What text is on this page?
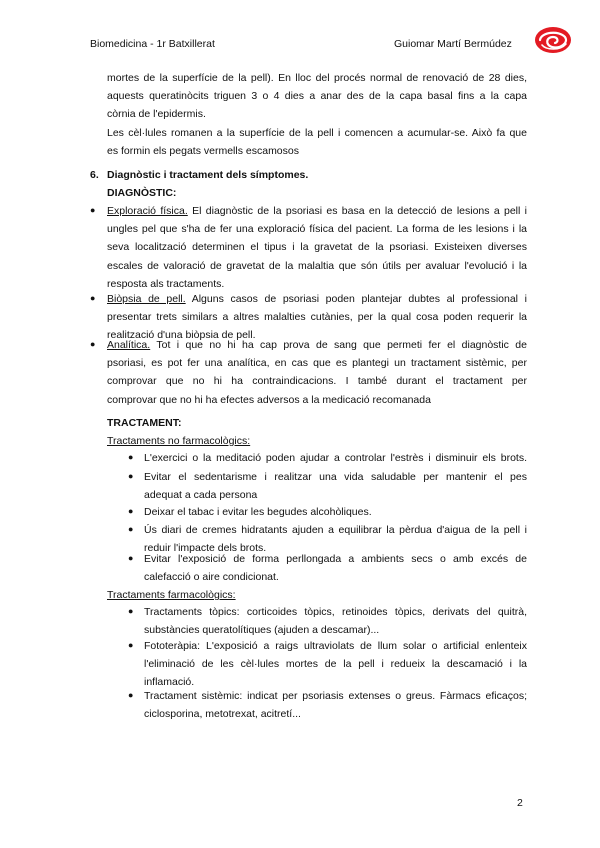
Biomedicina - 1r Batxillerat	Guiomar Martí Bermúdez
mortes de la superfície de la pell). En lloc del procés normal de renovació de 28 dies,
aquests queratinòcits triguen 3 o 4 dies a anar des de la capa basal fins a la capa
còrnia de l'epidermis.
Les cèl·lules romanen a la superfície de la pell i comencen a acumular-se. Això fa que
es formin els pegats vermells escamosos
6. Diagnòstic i tractament dels símptomes.
DIAGNÒSTIC:
● Exploració física. El diagnòstic de la psoriasi es basa en la detecció de lesions a pell i
ungles pel que s'ha de fer una exploració física del pacient. La forma de les lesions i la
seva localització determinen el tipus i la gravetat de la psoriasi. Existeixen diverses
escales de valoració de gravetat de la malaltia que són útils per avaluar l'evolució i la
resposta als tractaments.
● Biòpsia de pell. Alguns casos de psoriasi poden plantejar dubtes al professional i
presentar trets similars a altres malalties cutànies, per la qual cosa poden requerir la
realització d'una biòpsia de pell.
● Analítica. Tot i que no hi ha cap prova de sang que permeti fer el diagnòstic de
psoriasi, es pot fer una analítica, en cas que es plantegi un tractament sistèmic, per
comprovar que no hi ha contraindicacions. I també durant el tractament per
comprovar que no hi ha efectes adversos a la medicació recomanada
TRACTAMENT:
Tractaments no farmacològics:
● L'exercici o la meditació poden ajudar a controlar l'estrès i disminuir els brots.
● Evitar el sedentarisme i realitzar una vida saludable per mantenir el pes
adequat a cada persona
● Deixar el tabac i evitar les begudes alcohòliques.
● Ús diari de cremes hidratants ajuden a equilibrar la pèrdua d'aigua de la pell i
reduir l'impacte dels brots.
● Evitar l'exposició de forma perllongada a ambients secs o amb excés de
calefacció o aire condicionat.
Tractaments farmacològics:
● Tractaments tòpics: corticoides tòpics, retinoides tòpics, derivats del quitrà,
substàncies queratolítiques (ajuden a descamar)...
● Fototeràpia: L'exposició a raigs ultraviolats de llum solar o artificial enlenteix
l'eliminació de les cèl·lules mortes de la pell i redueix la descamació i la
inflamació.
● Tractament sistèmic: indicat per psoriasis extenses o greus. Fàrmacs eficaços;
ciclosporina, metotrexat, acitretí...
2
